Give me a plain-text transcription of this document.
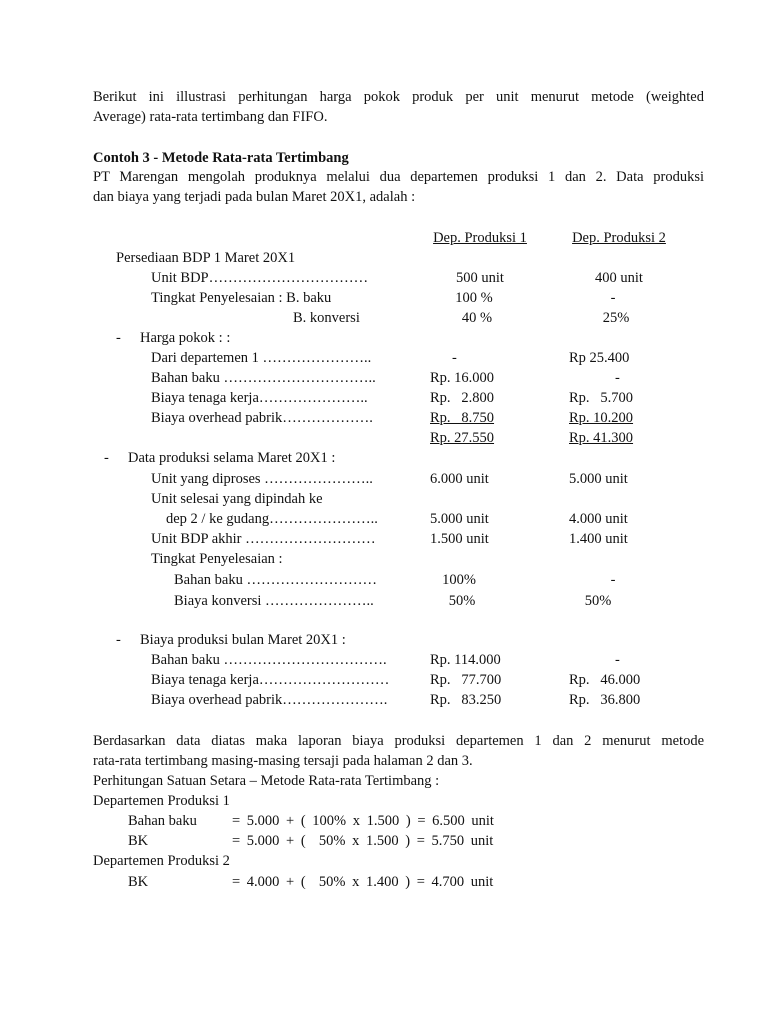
Berikut ini illustrasi perhitungan harga pokok produk per unit menurut metode (weighted
Average) rata-rata tertimbang dan FIFO.
Contoh 3 - Metode Rata-rata Tertimbang
PT Marengan mengolah produknya melalui dua departemen produksi 1 dan 2. Data produksi
dan biaya yang terjadi pada bulan Maret 20X1, adalah :
Dep. Produksi 1	Dep. Produksi 2
Persediaan BDP 1 Maret 20X1
Unit BDP……………………………	500 unit	400 unit
Tingkat Penyelesaian : B. baku	100 %	-
B. konversi	40 %	25%
- Harga pokok : :
Dari departemen 1 …………………..	-	Rp 25.400
Bahan baku …………………………..	Rp. 16.000	-
Biaya tenaga kerja…………………..	Rp.   2.800	Rp.   5.700
Biaya overhead pabrik……………….	Rp.   8.750	Rp. 10.200
Rp. 27.550	Rp. 41.300
- Data produksi selama Maret 20X1 :
Unit yang diproses …………………..	6.000 unit	5.000 unit
Unit selesai yang dipindah ke
dep 2 / ke gudang…………………..	5.000 unit	4.000 unit
Unit BDP akhir ………………………	1.500 unit	1.400 unit
Tingkat Penyelesaian :
Bahan baku ………………………	100%	-
Biaya konversi …………………..	50%	50%
- Biaya produksi bulan Maret 20X1 :
Bahan baku …………………………….	Rp. 114.000	-
Biaya tenaga kerja………………………	Rp.   77.700	Rp.   46.000
Biaya overhead pabrik………………….	Rp.   83.250	Rp.   36.800
Berdasarkan data diatas maka laporan biaya produksi departemen 1 dan 2 menurut metode
rata-rata tertimbang masing-masing tersaji pada halaman 2 dan 3.
Perhitungan Satuan Setara – Metode Rata-rata Tertimbang :
Departemen Produksi 1
Bahan baku = 5.000 + ( 100% x 1.500 ) = 6.500 unit
BK	= 5.000 + (  50% x 1.500 ) = 5.750 unit
Departemen Produksi 2
BK	= 4.000 + (  50% x 1.400 ) = 4.700 unit
